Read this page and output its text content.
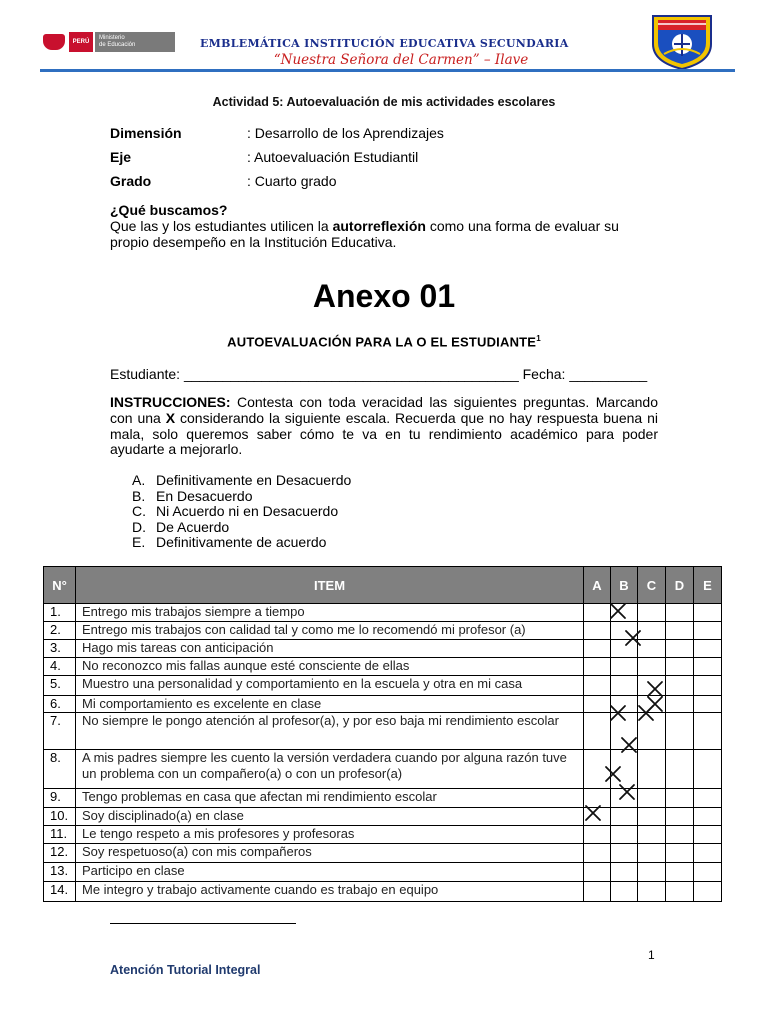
PERÚ
Ministerio
de Educación	EMBLEMÁTICA INSTITUCIÓN EDUCATIVA SECUNDARIA
“Nuestra Señora del Carmen” – Ilave
Actividad 5: Autoevaluación de mis actividades escolares
Dimensión	: Desarrollo de los Aprendizajes
Eje	: Autoevaluación Estudiantil
Grado	: Cuarto grado
¿Qué buscamos?
Que las y los estudiantes utilicen la autorreflexión como una forma de evaluar su propio desempeño en la Institución Educativa.
Anexo 01
AUTOEVALUACIÓN PARA LA O EL ESTUDIANTE$^1$
Estudiante: ___________________________________________ Fecha: __________
INSTRUCCIONES: Contesta con toda veracidad las siguientes preguntas. Marcando con una X considerando la siguiente escala. Recuerda que no hay respuesta buena ni mala, solo queremos saber cómo te va en tu rendimiento académico para poder ayudarte a mejorarlo.
A. Definitivamente en Desacuerdo
B. En Desacuerdo
C. Ni Acuerdo ni en Desacuerdo
D. De Acuerdo
E. Definitivamente de acuerdo
N°	ITEM	A	B	C	D	E
1.	Entrego mis trabajos siempre a tiempo					
2.	Entrego mis trabajos con calidad tal y como me lo recomendó mi profesor (a)					
3.	Hago mis tareas con anticipación					
4.	No reconozco mis fallas aunque esté consciente de ellas					
5.	Muestro una personalidad y comportamiento en la escuela y otra en mi casa					
6.	Mi comportamiento es excelente en clase					
7.	No siempre le pongo atención al profesor(a), y por eso baja mi rendimiento escolar					
8.	A mis padres siempre les cuento la versión verdadera cuando por alguna razón tuve un problema con un compañero(a) o con un profesor(a)					
9.	Tengo problemas en casa que afectan mi rendimiento escolar					
10.	Soy disciplinado(a) en clase					
11.	Le tengo respeto a mis profesores y profesoras					
12.	Soy respetuoso(a) con mis compañeros					
13.	Participo en clase					
14.	Me integro y trabajo activamente cuando es trabajo en equipo					
1
Atención Tutorial Integral
